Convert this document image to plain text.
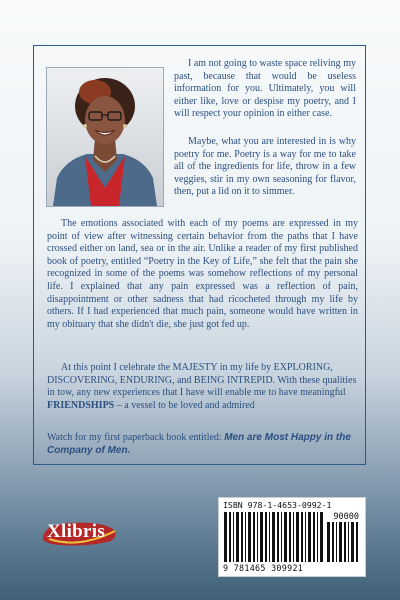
I am not going to waste space reliving my past, because that would be useless information for you. Ultimately, you will either like, love or despise my poetry, and I will respect your opinion in either case.

Maybe, what you are interested in is why poetry for me. Poetry is a way for me to take all of the ingredients for life, throw in a few veggies, stir in my own seasoning for flavor, then, put a lid on it to simmer.

The emotions associated with each of my poems are expressed in my point of view after witnessing certain behavior from the paths that I have crossed either on land, sea or in the air. Unlike a reader of my first published book of poetry, entitled “Poetry in the Key of Life,” she felt that the pain she recognized in some of the poems was somehow reflections of my personal life. I explained that any pain expressed was a reflection of pain, disappointment or other sadness that had ricocheted through my life by others. If I had experienced that much pain, someone would have written in my obituary that she didn't die, she just got fed up.

At this point I celebrate the MAJESTY in my life by EXPLORING, DISCOVERING, ENDURING, and BEING INTREPID. With these qualities in tow, any new experiences that I have will enable me to have meaningful FRIENDSHIPS – a vessel to be loved and admired

Watch for my first paperback book entitled: Men are Most Happy in the Company of Men.

Xlibris
ISBN 978-1-4653-0992-1
90000
9 781465 309921
